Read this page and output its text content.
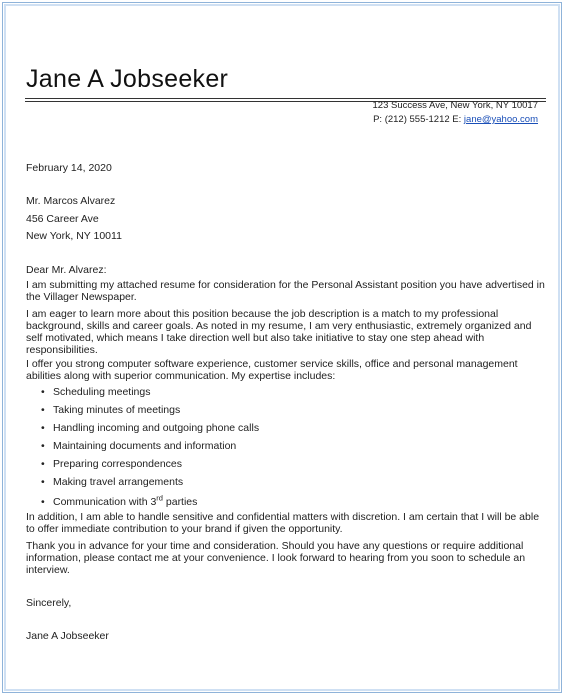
Jane A Jobseeker
123 Success Ave, New York, NY 10017
P: (212) 555-1212 E: jane@yahoo.com
February 14, 2020
Mr. Marcos Alvarez
456 Career Ave
New York, NY 10011
Dear Mr. Alvarez:

I am submitting my attached resume for consideration for the Personal Assistant position you have advertised in the Villager Newspaper.

I am eager to learn more about this position because the job description is a match to my professional background, skills and career goals. As noted in my resume, I am very enthusiastic, extremely organized and self motivated, which means I take direction well but also take initiative to stay one step ahead with responsibilities.

I offer you strong computer software experience, customer service skills, office and personal management abilities along with superior communication. My expertise includes:

• Scheduling meetings
• Taking minutes of meetings
• Handling incoming and outgoing phone calls
• Maintaining documents and information
• Preparing correspondences
• Making travel arrangements
• Communication with 3rd parties

In addition, I am able to handle sensitive and confidential matters with discretion. I am certain that I will be able to offer immediate contribution to your brand if given the opportunity.

Thank you in advance for your time and consideration. Should you have any questions or require additional information, please contact me at your convenience. I look forward to hearing from you soon to schedule an interview.

Sincerely,
Jane A Jobseeker
